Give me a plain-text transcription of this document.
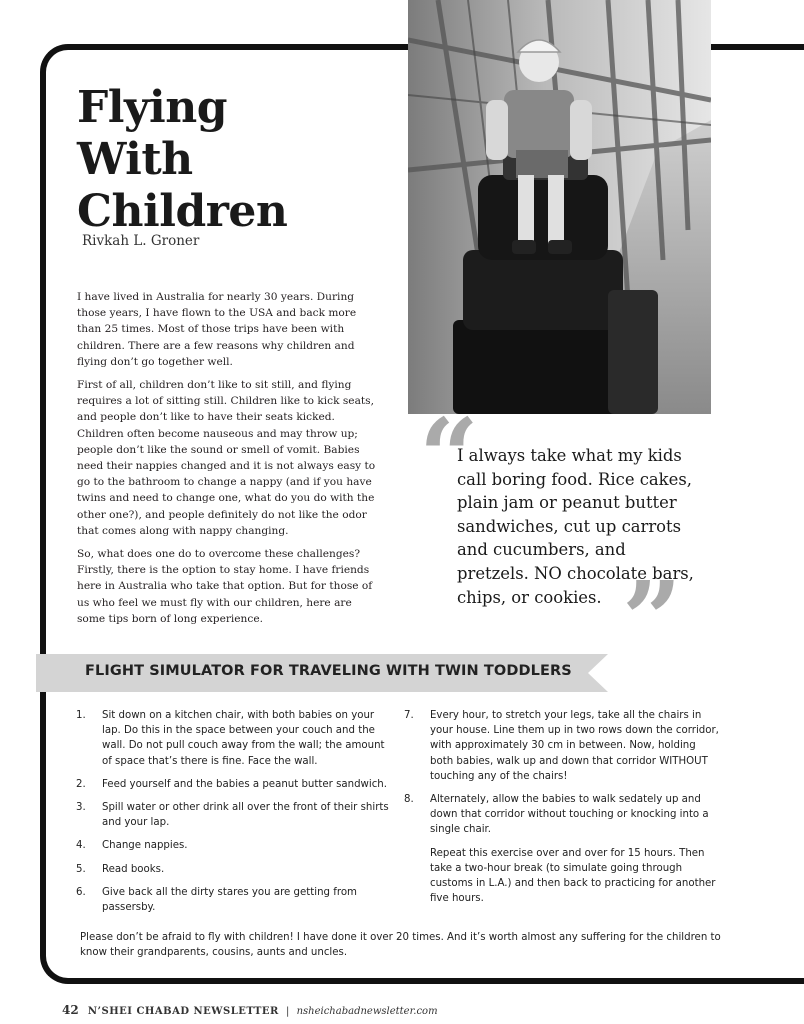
Flying
With
Children
Rivkah L. Groner

I have lived in Australia for nearly 30 years. During those years, I have flown to the USA and back more than 25 times. Most of those trips have been with children. There are a few reasons why children and flying don’t go together well.

First of all, children don’t like to sit still, and flying requires a lot of sitting still. Children like to kick seats, and people don’t like to have their seats kicked. Children often become nauseous and may throw up; people don’t like the sound or smell of vomit. Babies need their nappies changed and it is not always easy to go to the bathroom to change a nappy (and if you have twins and need to change one, what do you do with the other one?), and people definitely do not like the odor that comes along with nappy changing.

So, what does one do to overcome these challenges? Firstly, there is the option to stay home. I have friends here in Australia who take that option. But for those of us who feel we must fly with our children, here are some tips born of long experience.

“
I always take what my kids call boring food. Rice cakes, plain jam or peanut butter sandwiches, cut up carrots and cucumbers, and pretzels. NO chocolate bars, chips, or cookies. ”
FLIGHT SIMULATOR FOR TRAVELING WITH TWIN TODDLERS
1.	Sit down on a kitchen chair, with both babies on your lap. Do this in the space between your couch and the wall. Do not pull couch away from the wall; the amount of space that’s there is fine. Face the wall.
2.	Feed yourself and the babies a peanut butter sandwich.
3.	Spill water or other drink all over the front of their shirts and your lap.
4.	Change nappies.
5.	Read books.
6.	Give back all the dirty stares you are getting from passersby.
7.	Every hour, to stretch your legs, take all the chairs in your house. Line them up in two rows down the corridor, with approximately 30 cm in between. Now, holding both babies, walk up and down that corridor WITHOUT touching any of the chairs!
8.	Alternately, allow the babies to walk sedately up and down that corridor without touching or knocking into a single chair.
Repeat this exercise over and over for 15 hours. Then take a two-hour break (to simulate going through customs in L.A.) and then back to practicing for another five hours.
Please don’t be afraid to fly with children! I have done it over 20 times. And it’s worth almost any suffering for the children to know their grandparents, cousins, aunts and uncles.
42 N’SHEI CHABAD NEWSLETTER | nsheichabadnewsletter.com
